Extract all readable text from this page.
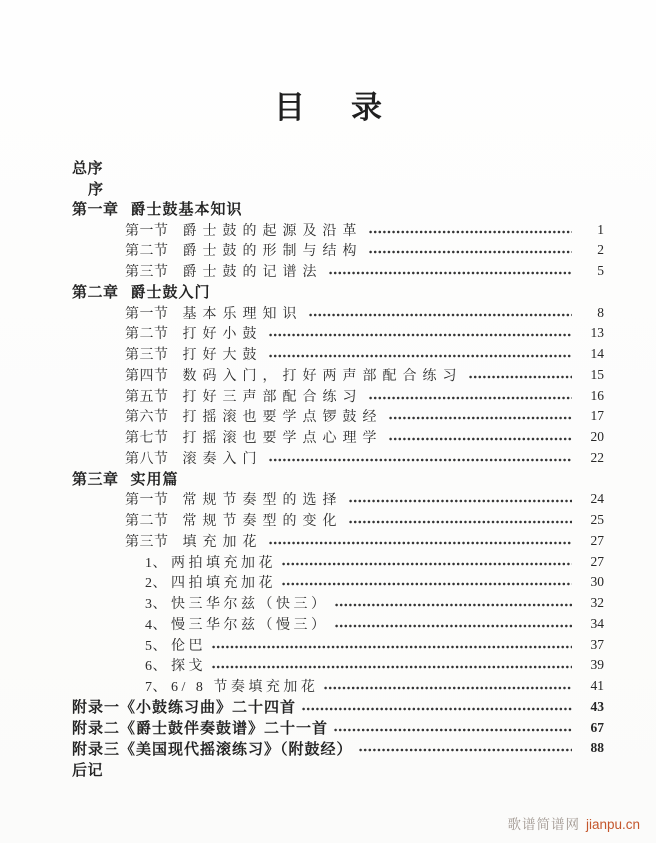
目 录
总序
序
第一章 爵士鼓基本知识
第一节 爵士鼓的起源及沿革	1
第二节 爵士鼓的形制与结构	2
第三节 爵士鼓的记谱法	5
第二章 爵士鼓入门
第一节 基本乐理知识	8
第二节 打好小鼓	13
第三节 打好大鼓	14
第四节 数码入门，打好两声部配合练习	15
第五节 打好三声部配合练习	16
第六节 打摇滚也要学点锣鼓经	17
第七节 打摇滚也要学点心理学	20
第八节 滚奏入门	22
第三章 实用篇
第一节 常规节奏型的选择	24
第二节 常规节奏型的变化	25
第三节 填充加花	27
1、 两拍填充加花	27
2、 四拍填充加花	30
3、 快三华尔兹（快三）	32
4、 慢三华尔兹（慢三）	34
5、 伦巴	37
6、 探戈	39
7、 6/ 8 节奏填充加花	41
附录一《小鼓练习曲》二十四首	43
附录二《爵士鼓伴奏鼓谱》二十一首	67
附录三《美国现代摇滚练习》（附鼓经）	88
后记
歌谱简谱网 jianpu.cn
